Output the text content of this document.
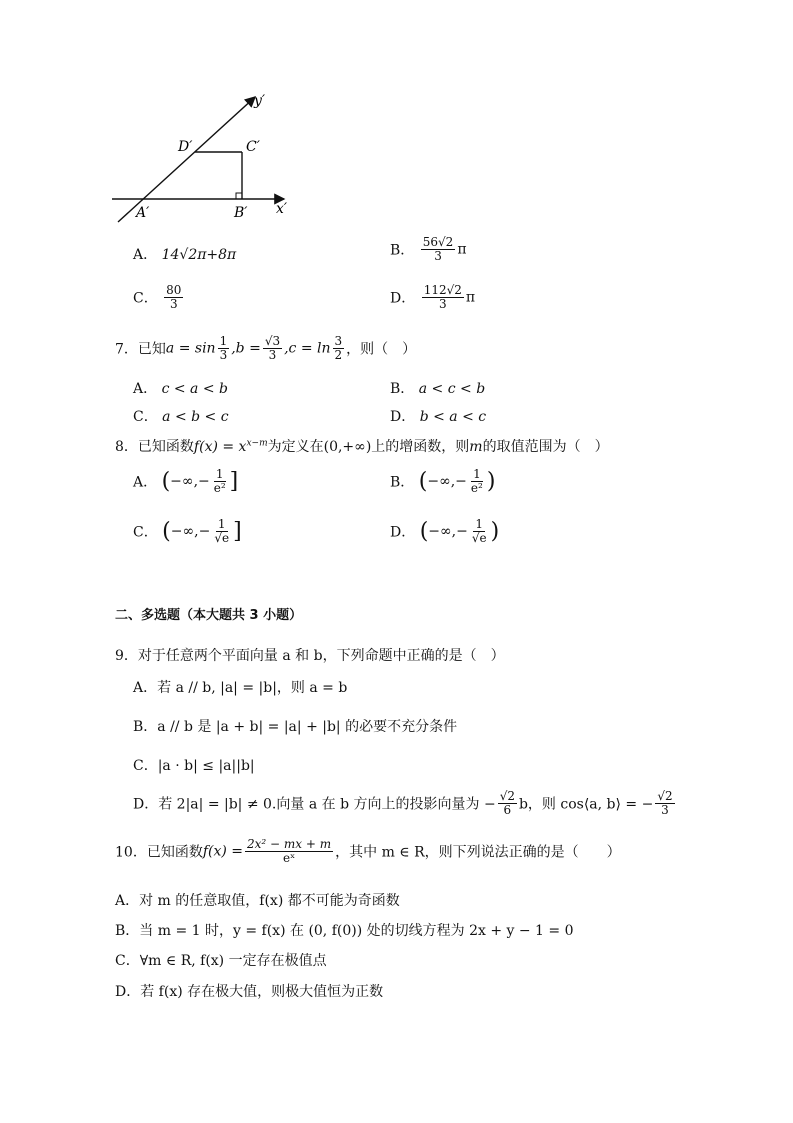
y′
x′
A′	B′
C′
D′
A． 14√2π+8π	B． $\frac{56√2}{3}$ π
C． $\frac{80}{3}$	D． $\frac{112√2}{3}$ π
7．已知$a = \sin \frac{1}{3} ,b = \frac{√3}{3} ,c = \ln \frac{3}{2}$ ，则（　）
A． c < a < b	B． a < c < b
C． a < b < c	D． b < a < c
8．已知函数$f(x) = x^{x-m}$为定义在(0,+∞)上的增函数，则m的取值范围为（　）
A． (−∞,− $\frac{1}{\text{e²}}$ ]	B． (−∞,− $\frac{1}{\text{e²}}$ )
C． (−∞,− $\frac{1}{√e}$ ]	D． (−∞,− $\frac{1}{√e}$ )
二、多选题（本大题共 3 小题）
9．对于任意两个平面向量 a 和 b，下列命题中正确的是（　）
A．若 a // b, |a| = |b|，则 a = b
B．a // b 是 |a + b| = |a| + |b| 的必要不充分条件
C．|a · b| ≤ |a||b|
D．若 2|a| = |b| ≠ 0.向量 a 在 b 方向上的投影向量为 − $\frac{√2}{6}$ b，则 cos⟨a, b⟩ = − $\frac{√2}{3}$
10．已知函数$f(x) = \frac{\text{2x² − mx + m}}{\text{eˣ}}$ ，其中 m ∈ R，则下列说法正确的是（　　）
A．对 m 的任意取值，f(x) 都不可能为奇函数
B．当 m = 1 时，y = f(x) 在 (0, f(0)) 处的切线方程为 2x + y − 1 = 0
C．∀m ∈ R, f(x) 一定存在极值点
D．若 f(x) 存在极大值，则极大值恒为正数
